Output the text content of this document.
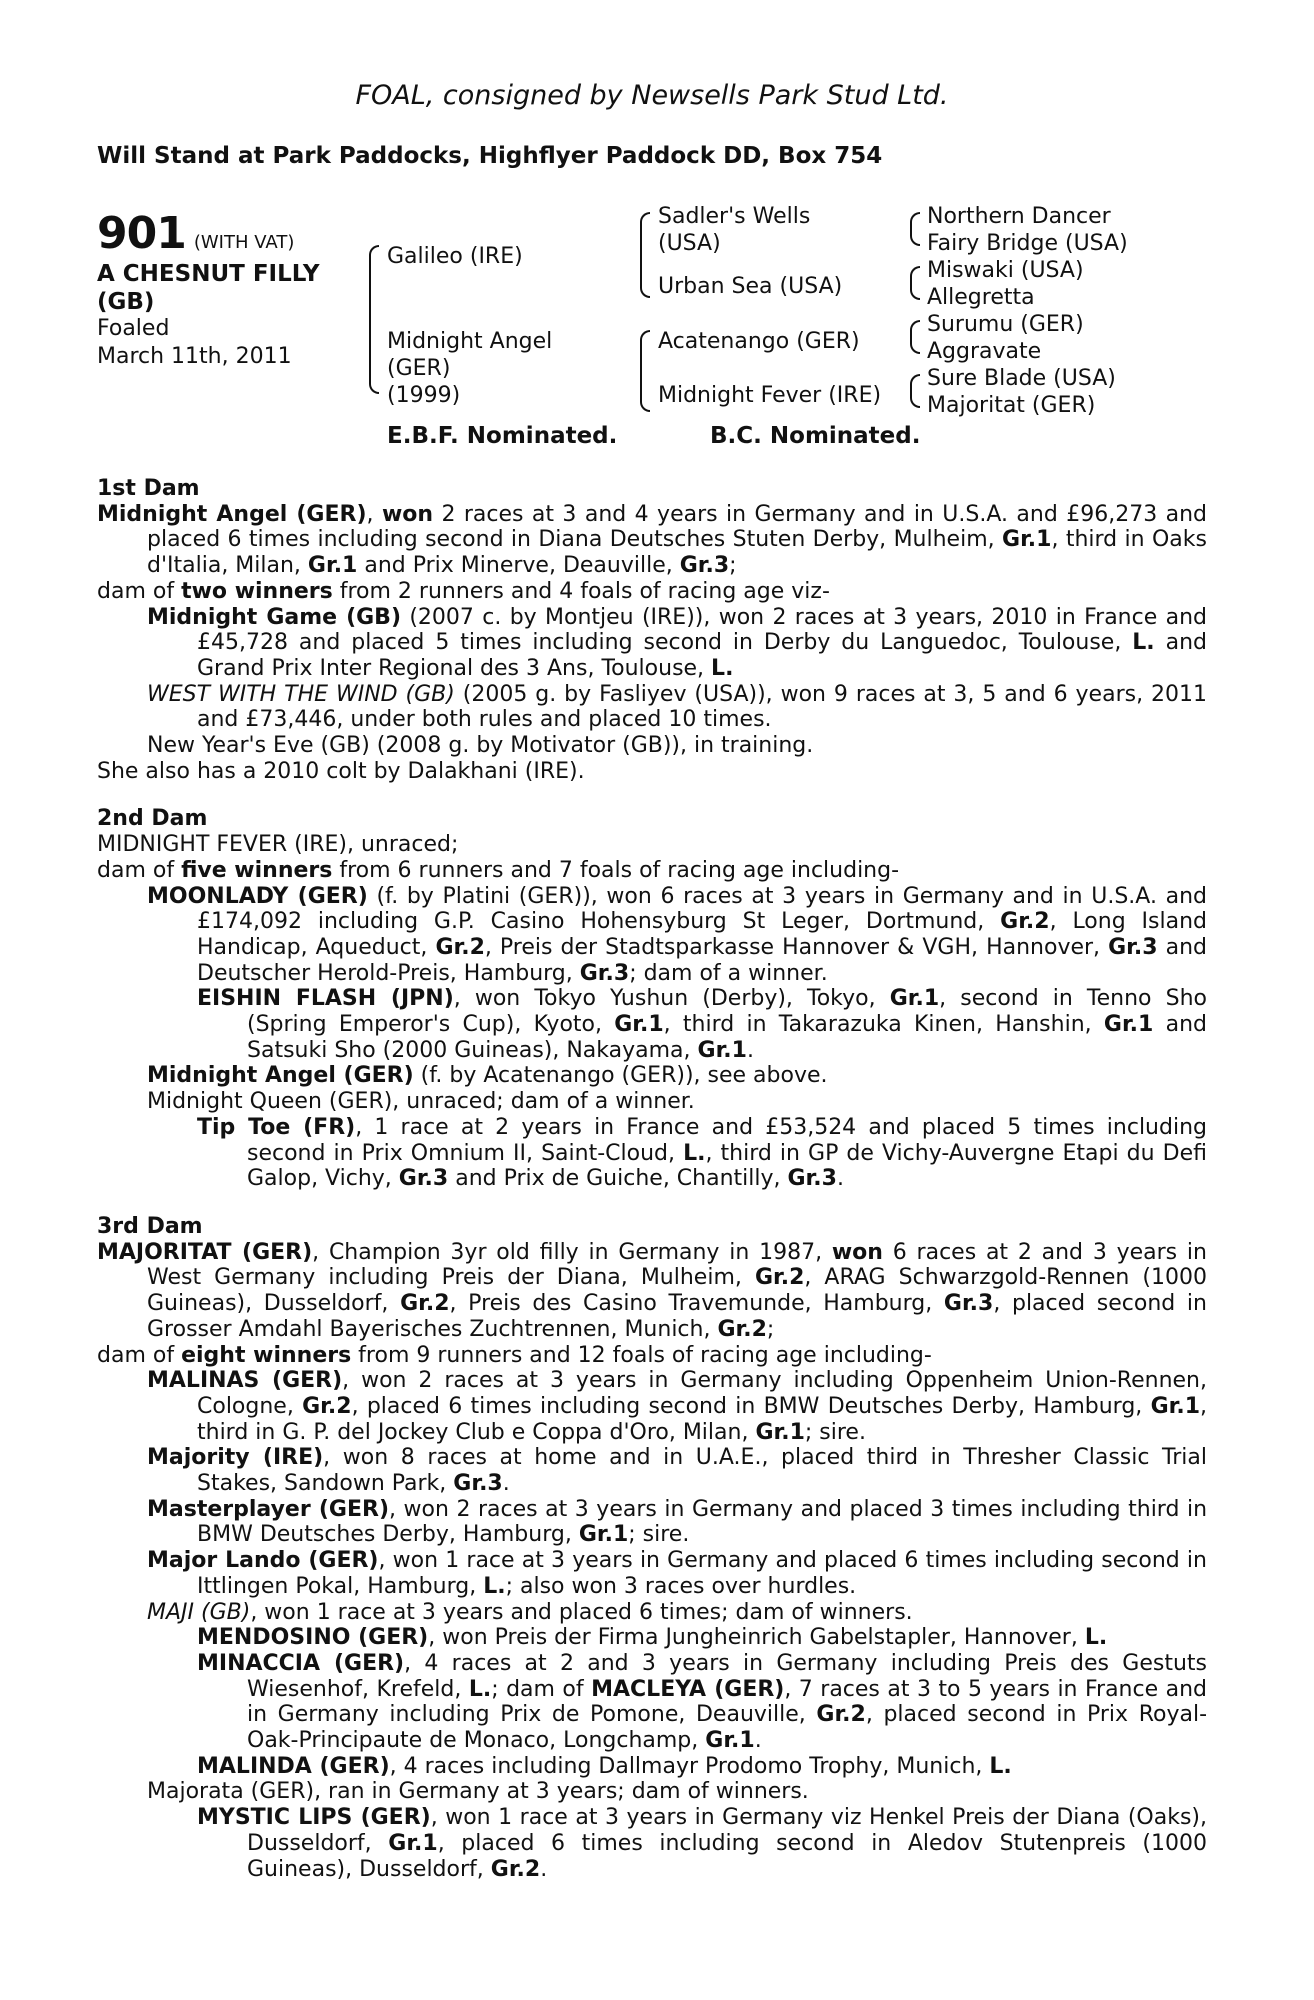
FOAL, consigned by Newsells Park Stud Ltd.
Will Stand at Park Paddocks, Highflyer Paddock DD, Box 754
901 (WITH VAT)
A CHESNUT FILLY
(GB)
Foaled
March 11th, 2011
Galileo (IRE)
Midnight Angel
(GER)
(1999)
Sadler's Wells
(USA)
Urban Sea (USA)
Acatenango (GER)
Midnight Fever (IRE)
Northern Dancer
Fairy Bridge (USA)
Miswaki (USA)
Allegretta
Surumu (GER)
Aggravate
Sure Blade (USA)
Majoritat (GER)
E.B.F. Nominated.	B.C. Nominated.

1st Dam

Midnight Angel (GER), won 2 races at 3 and 4 years in Germany and in U.S.A. and £96,273 and placed 6 times including second in Diana Deutsches Stuten Derby, Mulheim, Gr.1, third in Oaks d'Italia, Milan, Gr.1 and Prix Minerve, Deauville, Gr.3;

dam of two winners from 2 runners and 4 foals of racing age viz-

Midnight Game (GB) (2007 c. by Montjeu (IRE)), won 2 races at 3 years, 2010 in France and £45,728 and placed 5 times including second in Derby du Languedoc, Toulouse, L. and Grand Prix Inter Regional des 3 Ans, Toulouse, L.

WEST WITH THE WIND (GB) (2005 g. by Fasliyev (USA)), won 9 races at 3, 5 and 6 years, 2011 and £73,446, under both rules and placed 10 times.

New Year's Eve (GB) (2008 g. by Motivator (GB)), in training.

She also has a 2010 colt by Dalakhani (IRE).

2nd Dam

MIDNIGHT FEVER (IRE), unraced;

dam of five winners from 6 runners and 7 foals of racing age including-

MOONLADY (GER) (f. by Platini (GER)), won 6 races at 3 years in Germany and in U.S.A. and £174,092 including G.P. Casino Hohensyburg St Leger, Dortmund, Gr.2, Long Island Handicap, Aqueduct, Gr.2, Preis der Stadtsparkasse Hannover & VGH, Hannover, Gr.3 and Deutscher Herold-Preis, Hamburg, Gr.3; dam of a winner.

EISHIN FLASH (JPN), won Tokyo Yushun (Derby), Tokyo, Gr.1, second in Tenno Sho (Spring Emperor's Cup), Kyoto, Gr.1, third in Takarazuka Kinen, Hanshin, Gr.1 and Satsuki Sho (2000 Guineas), Nakayama, Gr.1.

Midnight Angel (GER) (f. by Acatenango (GER)), see above.

Midnight Queen (GER), unraced; dam of a winner.

Tip Toe (FR), 1 race at 2 years in France and £53,524 and placed 5 times including second in Prix Omnium II, Saint-Cloud, L., third in GP de Vichy-Auvergne Etapi du Defi Galop, Vichy, Gr.3 and Prix de Guiche, Chantilly, Gr.3.

3rd Dam

MAJORITAT (GER), Champion 3yr old filly in Germany in 1987, won 6 races at 2 and 3 years in West Germany including Preis der Diana, Mulheim, Gr.2, ARAG Schwarzgold-Rennen (1000 Guineas), Dusseldorf, Gr.2, Preis des Casino Travemunde, Hamburg, Gr.3, placed second in Grosser Amdahl Bayerisches Zuchtrennen, Munich, Gr.2;

dam of eight winners from 9 runners and 12 foals of racing age including-

MALINAS (GER), won 2 races at 3 years in Germany including Oppenheim Union-Rennen, Cologne, Gr.2, placed 6 times including second in BMW Deutsches Derby, Hamburg, Gr.1, third in G. P. del Jockey Club e Coppa d'Oro, Milan, Gr.1; sire.

Majority (IRE), won 8 races at home and in U.A.E., placed third in Thresher Classic Trial Stakes, Sandown Park, Gr.3.

Masterplayer (GER), won 2 races at 3 years in Germany and placed 3 times including third in BMW Deutsches Derby, Hamburg, Gr.1; sire.

Major Lando (GER), won 1 race at 3 years in Germany and placed 6 times including second in Ittlingen Pokal, Hamburg, L.; also won 3 races over hurdles.

MAJI (GB), won 1 race at 3 years and placed 6 times; dam of winners.

MENDOSINO (GER), won Preis der Firma Jungheinrich Gabelstapler, Hannover, L.

MINACCIA (GER), 4 races at 2 and 3 years in Germany including Preis des Gestuts Wiesenhof, Krefeld, L.; dam of MACLEYA (GER), 7 races at 3 to 5 years in France and in Germany including Prix de Pomone, Deauville, Gr.2, placed second in Prix Royal-Oak-Principaute de Monaco, Longchamp, Gr.1.

MALINDA (GER), 4 races including Dallmayr Prodomo Trophy, Munich, L.

Majorata (GER), ran in Germany at 3 years; dam of winners.

MYSTIC LIPS (GER), won 1 race at 3 years in Germany viz Henkel Preis der Diana (Oaks), Dusseldorf, Gr.1, placed 6 times including second in Aledov Stutenpreis (1000 Guineas), Dusseldorf, Gr.2.
